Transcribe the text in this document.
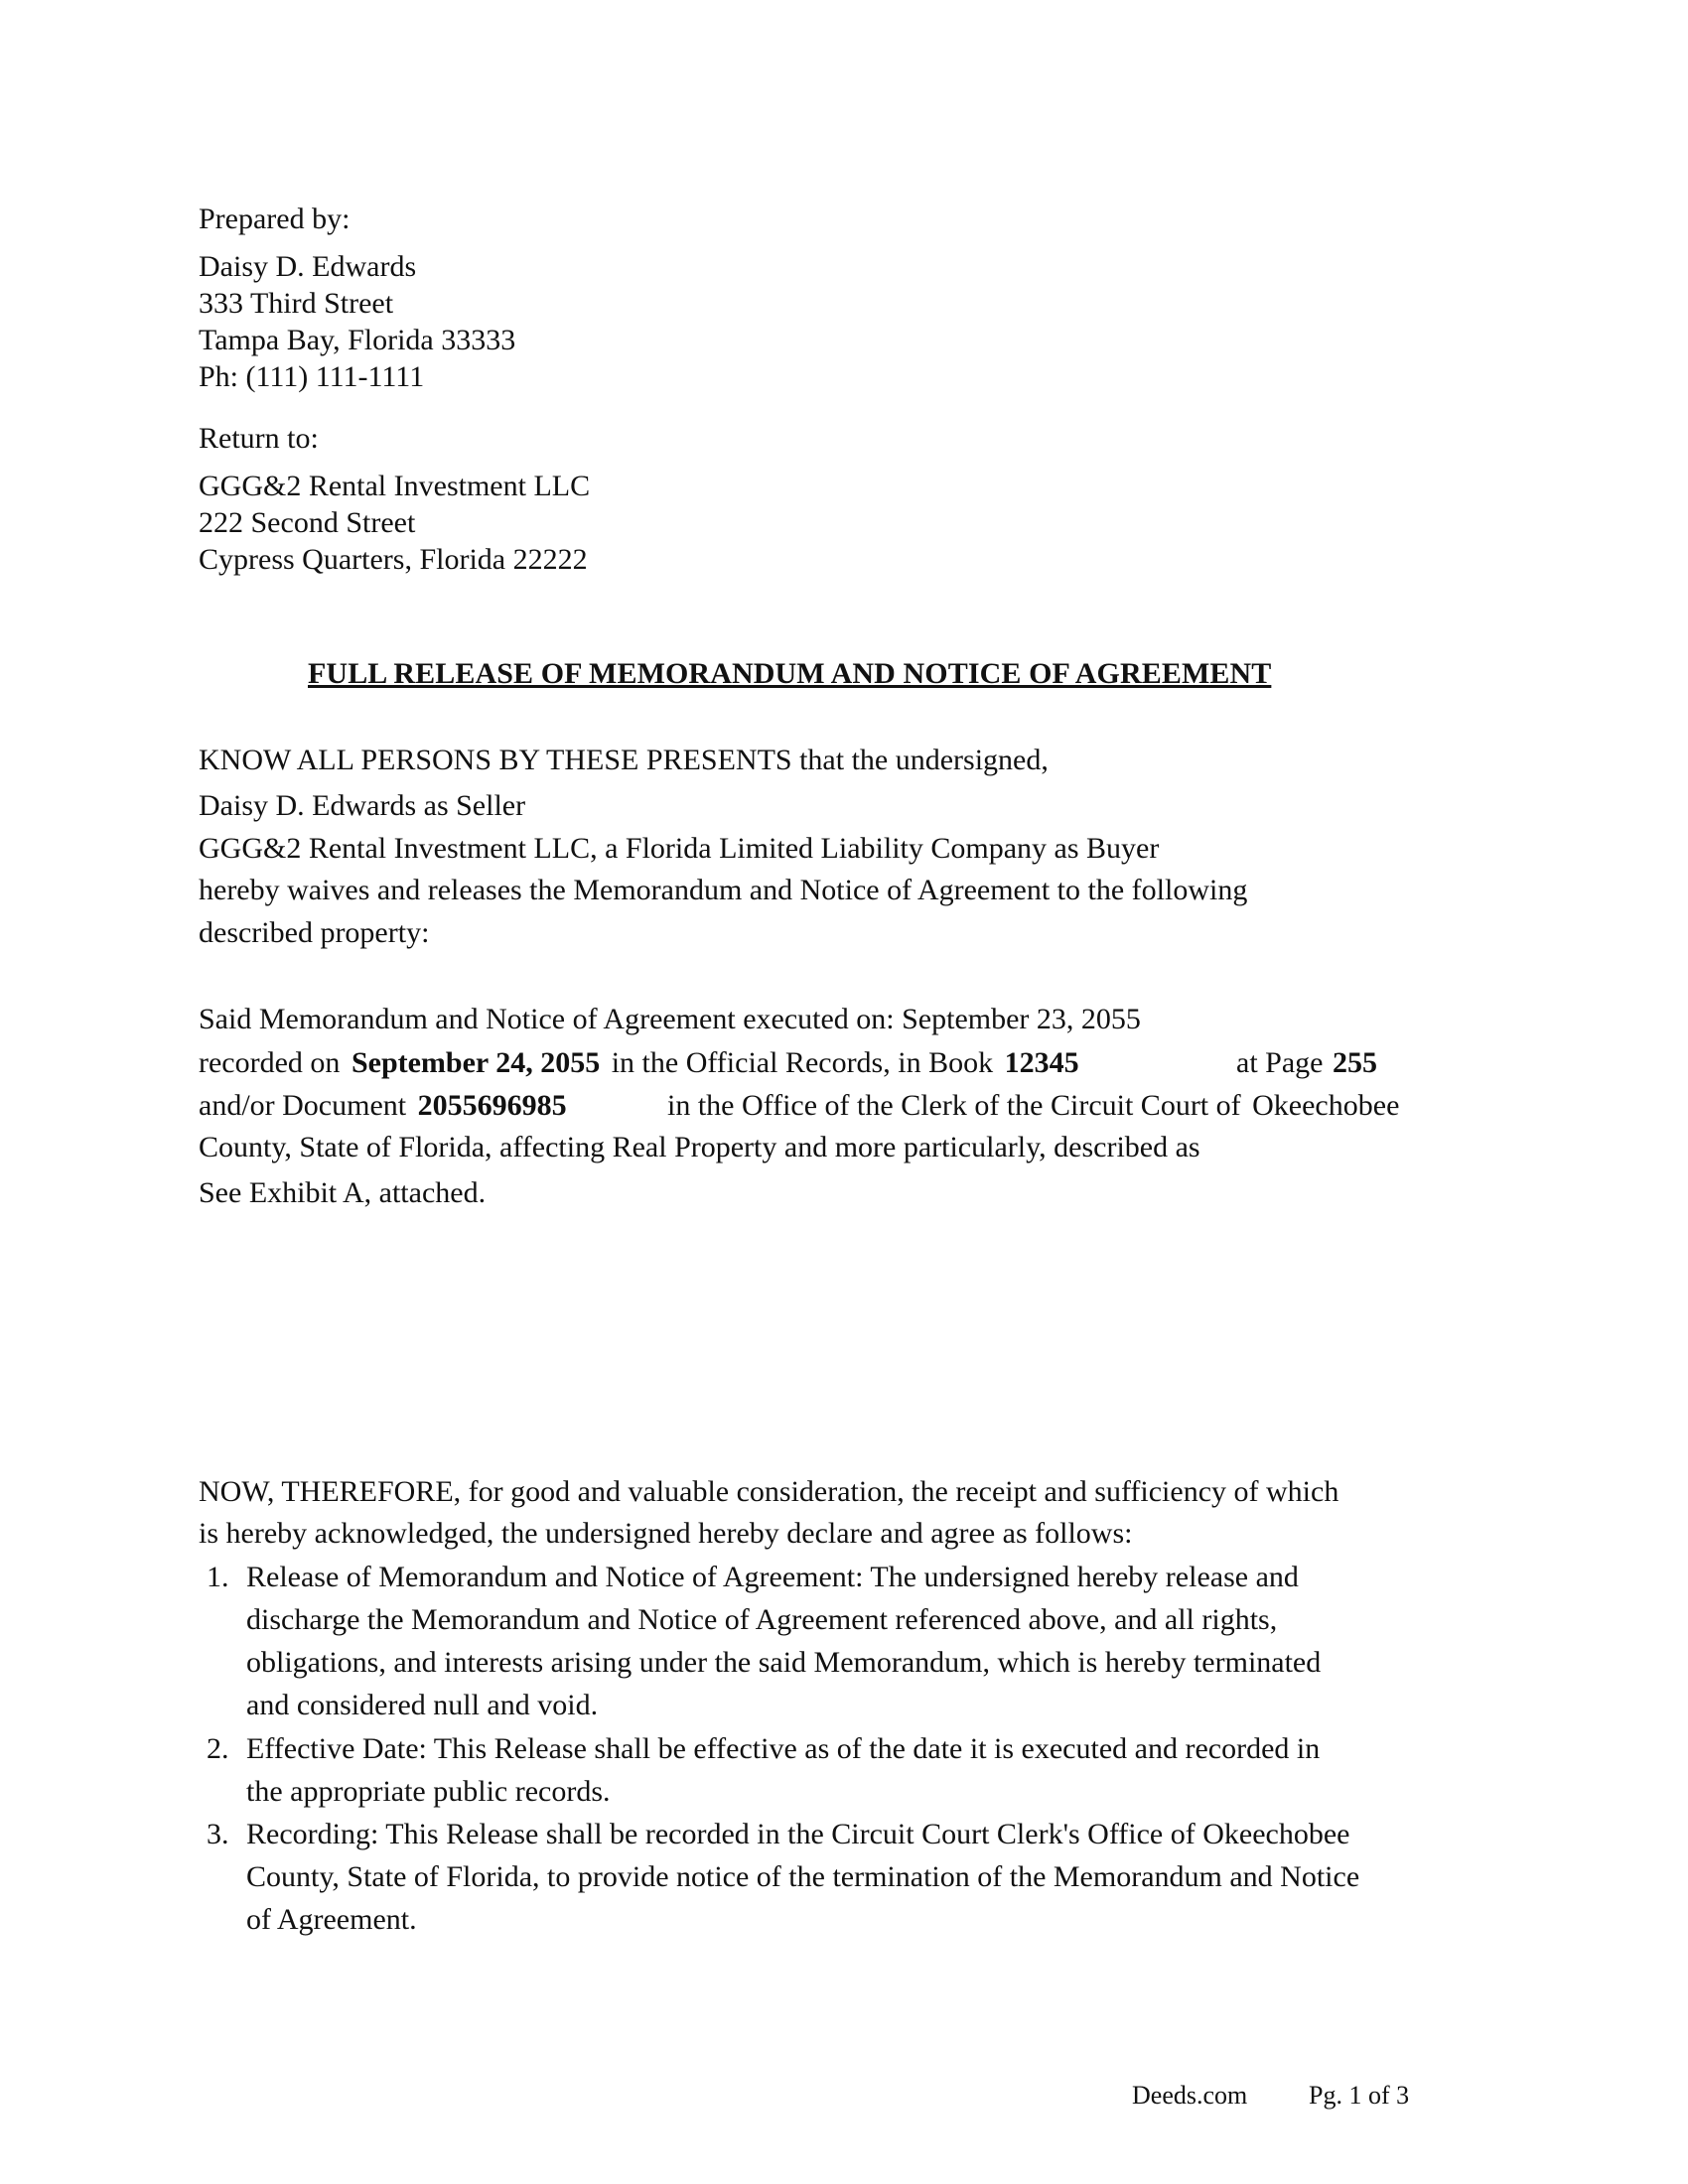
Prepared by:
Daisy D. Edwards
333 Third Street
Tampa Bay, Florida 33333
Ph: (111) 111-1111
Return to:
GGG&2 Rental Investment LLC
222 Second Street
Cypress Quarters, Florida 22222
FULL RELEASE OF MEMORANDUM AND NOTICE OF AGREEMENT
KNOW ALL PERSONS BY THESE PRESENTS that the undersigned,
Daisy D. Edwards as Seller
GGG&2 Rental Investment LLC, a Florida Limited Liability Company as Buyer
hereby waives and releases the Memorandum and Notice of Agreement to the following
described property:
Said Memorandum and Notice of Agreement executed on: September 23, 2055
recorded on September 24, 2055 in the Official Records, in Book 12345	at Page 255
and/or Document 2055696985	in the Office of the Clerk of the Circuit Court of Okeechobee
County, State of Florida, affecting Real Property and more particularly, described as
See Exhibit A, attached.
NOW, THEREFORE, for good and valuable consideration, the receipt and sufficiency of which
is hereby acknowledged, the undersigned hereby declare and agree as follows:
1. Release of Memorandum and Notice of Agreement: The undersigned hereby release and
discharge the Memorandum and Notice of Agreement referenced above, and all rights,
obligations, and interests arising under the said Memorandum, which is hereby terminated
and considered null and void.
2. Effective Date: This Release shall be effective as of the date it is executed and recorded in
the appropriate public records.
3. Recording: This Release shall be recorded in the Circuit Court Clerk's Office of Okeechobee
County, State of Florida, to provide notice of the termination of the Memorandum and Notice
of Agreement.
Deeds.com Pg. 1 of 3
